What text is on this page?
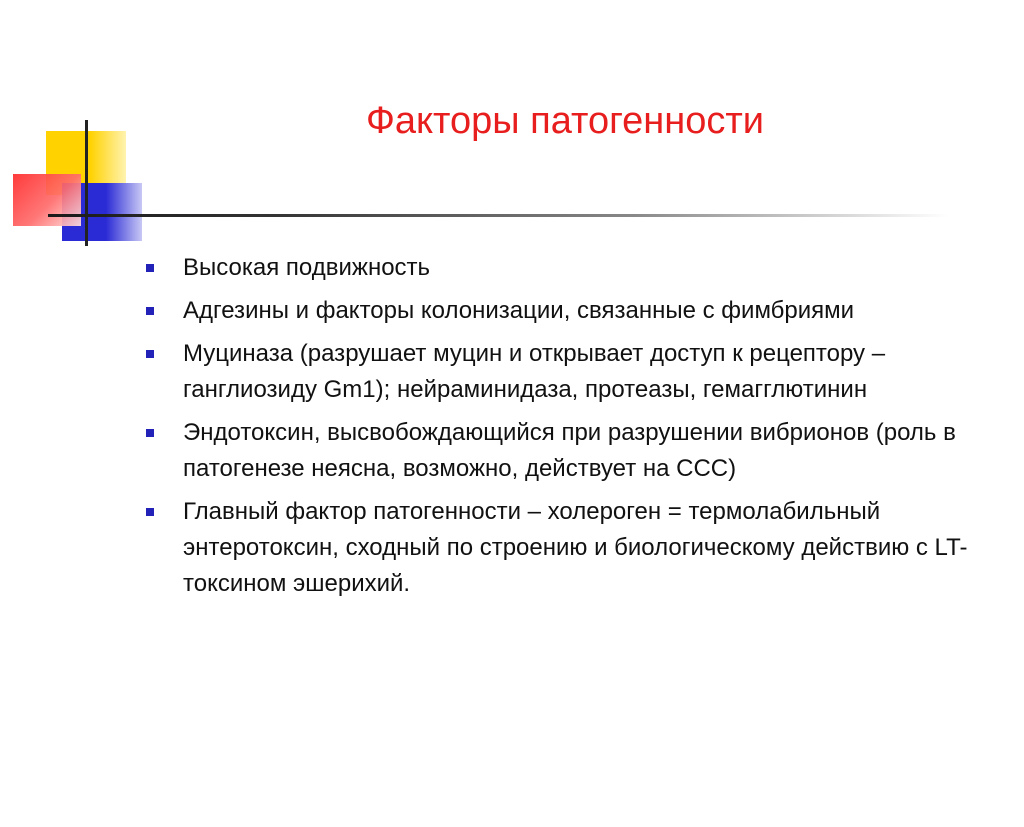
Факторы патогенности
Высокая подвижность
Адгезины и факторы колонизации, связанные с фимбриями
Муциназа (разрушает муцин и открывает доступ к рецептору – ганглиозиду Gm1); нейраминидаза, протеазы, гемагглютинин
Эндотоксин, высвобождающийся при разрушении вибрионов (роль в патогенезе неясна, возможно, действует на ССС)
Главный фактор патогенности – холероген = термолабильный энтеротоксин, сходный по строению и биологическому действию с LT-токсином эшерихий.
